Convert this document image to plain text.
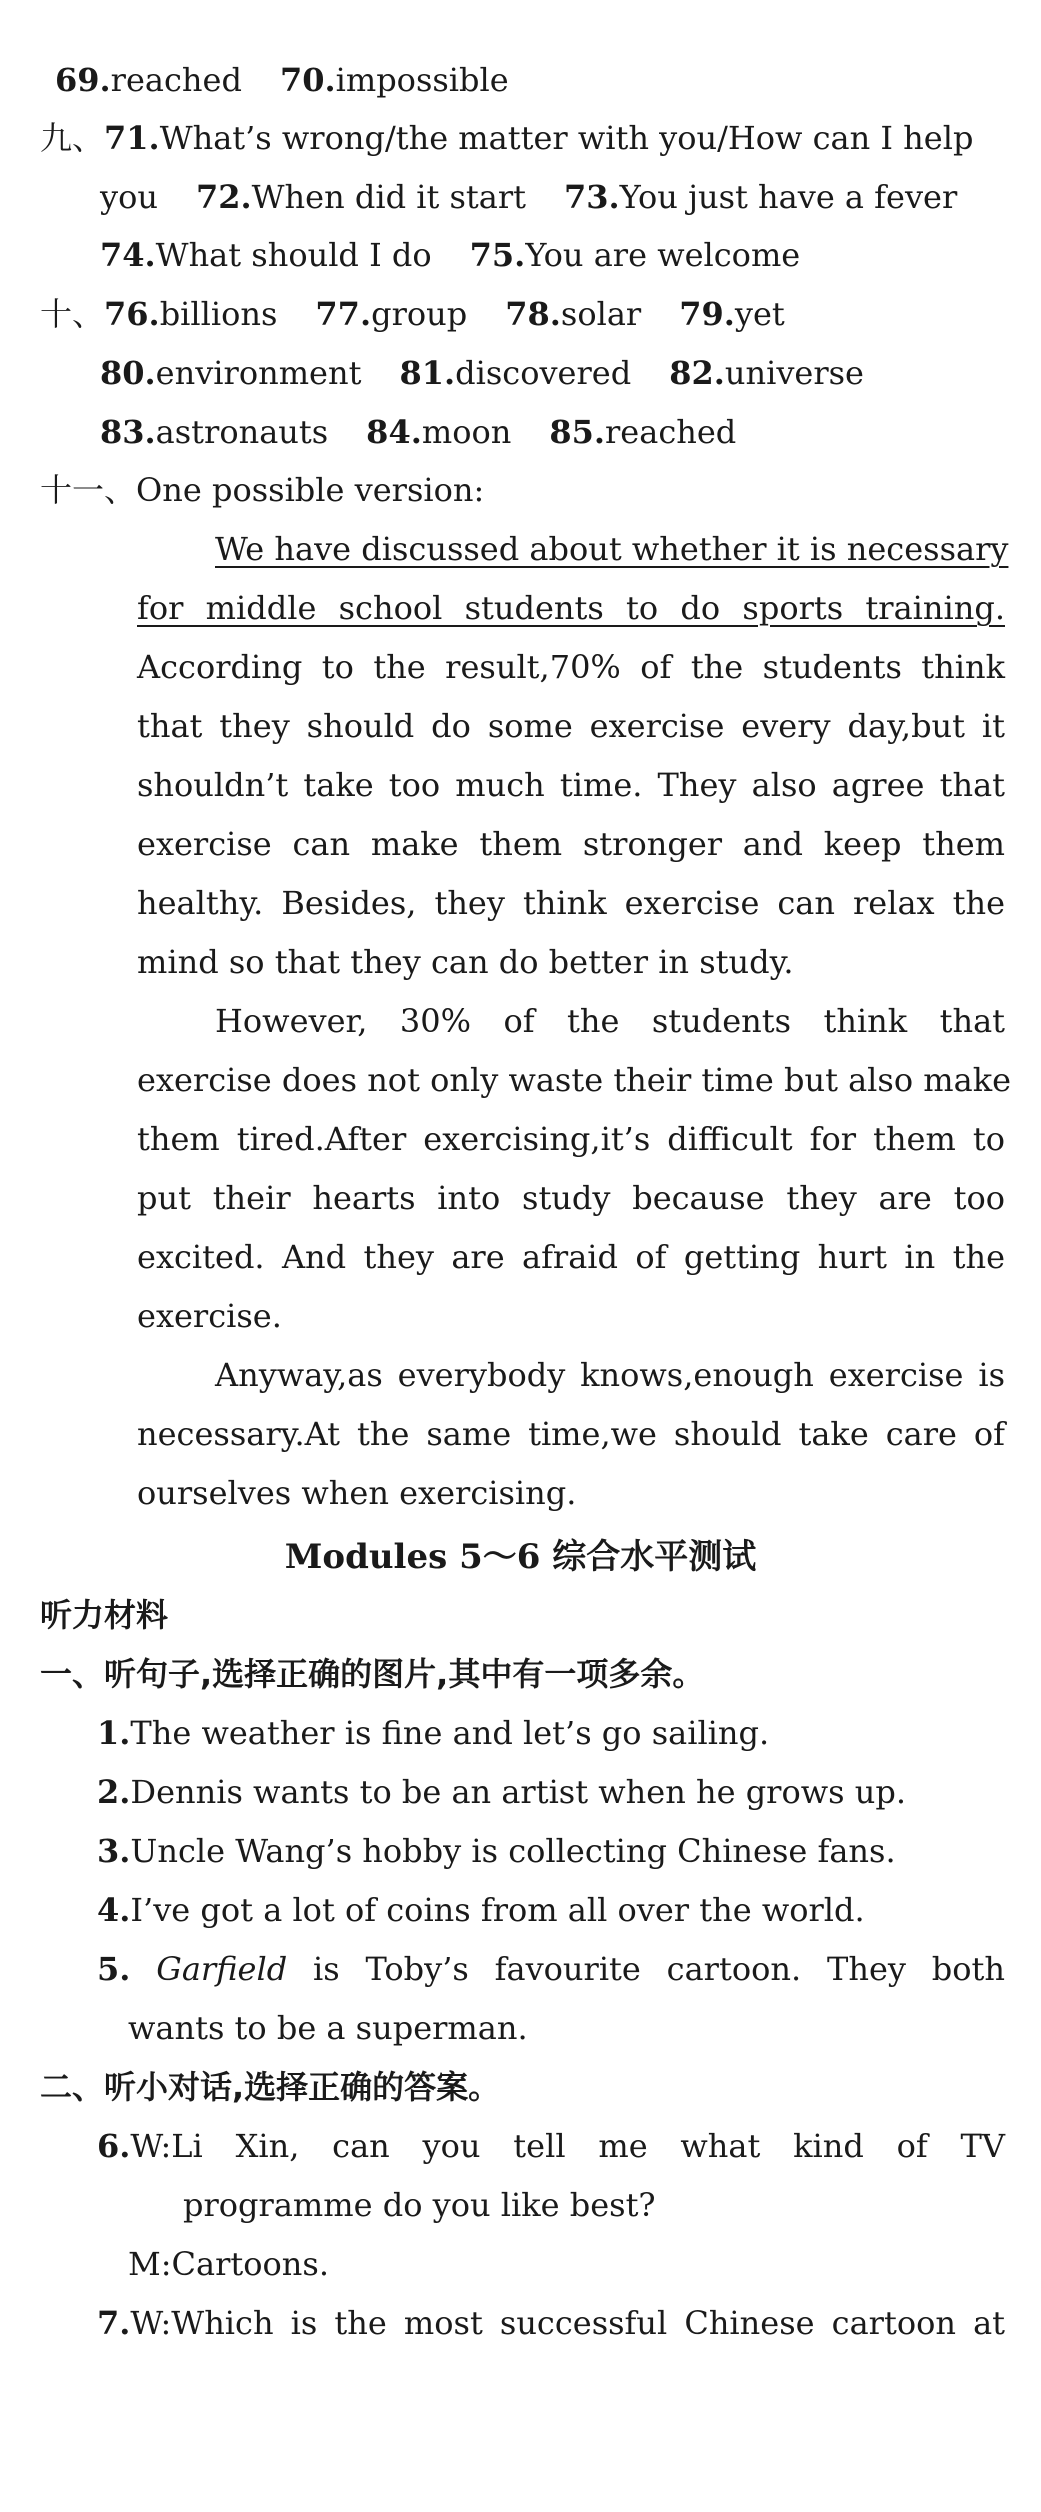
69.reached 70.impossible
九、71.What’s wrong/the matter with you/How can I help
you 72.When did it start 73.You just have a fever
74.What should I do 75.You are welcome
十、76.billions 77.group 78.solar 79.yet
80.environment 81.discovered 82.universe
83.astronauts 84.moon 85.reached
十一、One possible version:
We have discussed about whether it is necessary
for middle school students to do sports training.
According to the result,70% of the students think
that they should do some exercise every day,but it
shouldn’t take too much time. They also agree that
exercise can make them stronger and keep them
healthy. Besides, they think exercise can relax the
mind so that they can do better in study.
However, 30% of the students think that
exercise does not only waste their time but also make
them tired.After exercising,it’s difficult for them to
put their hearts into study because they are too
excited. And they are afraid of getting hurt in the
exercise.
Anyway,as everybody knows,enough exercise is
necessary.At the same time,we should take care of
ourselves when exercising.
Modules 5～6 综合水平测试
听力材料
一、听句子,选择正确的图片,其中有一项多余。
1.The weather is fine and let’s go sailing.
2.Dennis wants to be an artist when he grows up.
3.Uncle Wang’s hobby is collecting Chinese fans.
4.I’ve got a lot of coins from all over the world.
5. Garfield is Toby’s favourite cartoon. They both
wants to be a superman.
二、听小对话,选择正确的答案。
6.W:Li Xin, can you tell me what kind of TV
programme do you like best?
M:Cartoons.
7.W:Which is the most successful Chinese cartoon at
